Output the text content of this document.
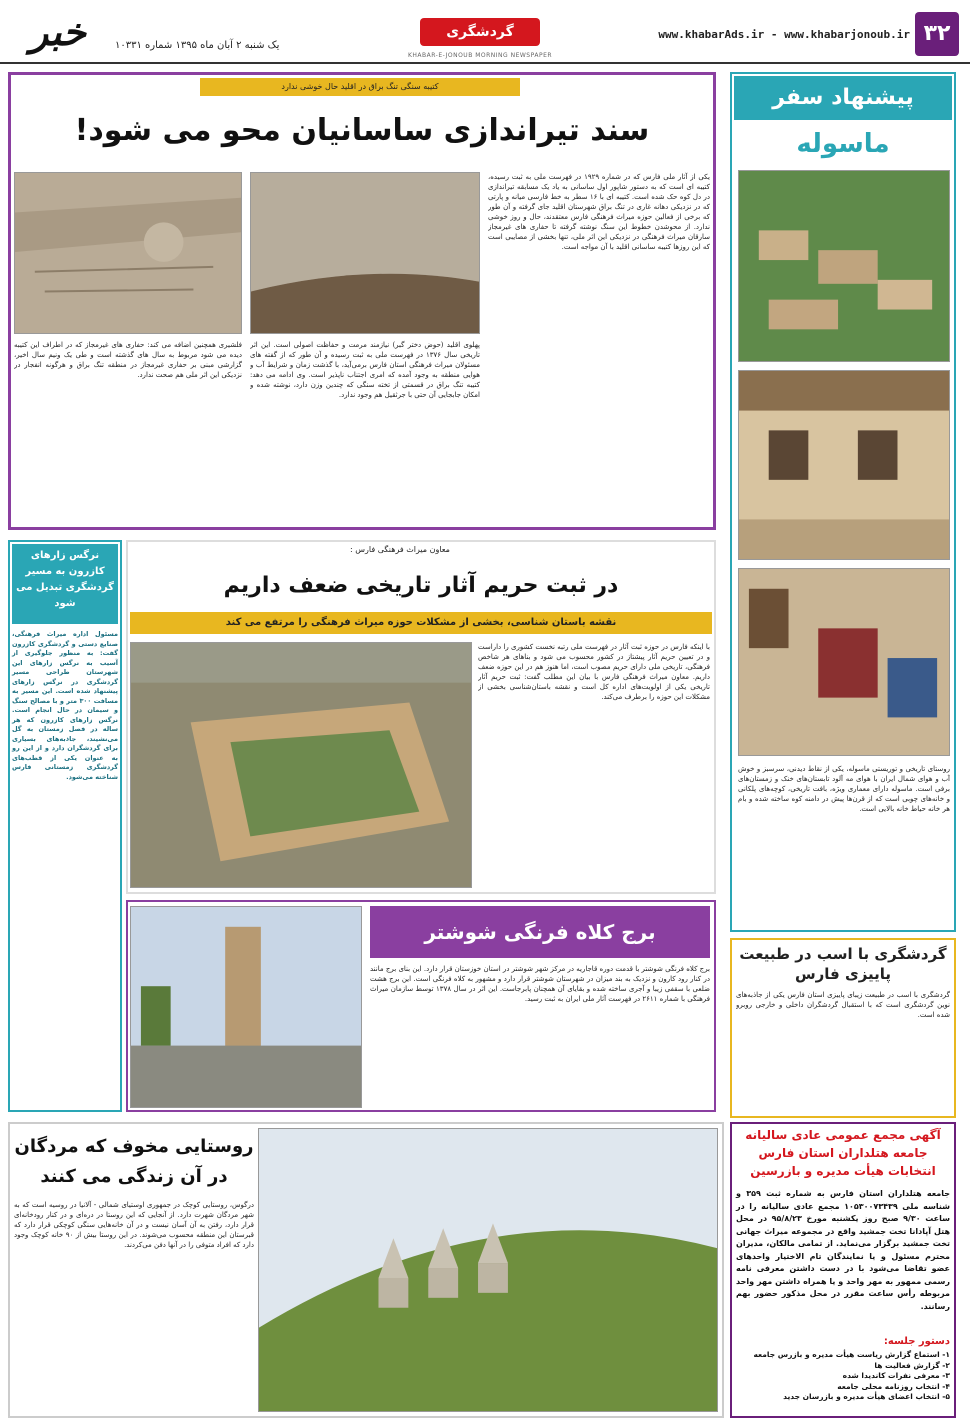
۳۲
www.khabarAds.ir - www.khabarjonoub.ir
گردشگری
KHABAR-E-JONOUB MORNING NEWSPAPER
یک شنبه ۲ آبان ماه ۱۳۹۵ شماره ۱۰۳۳۱
خبر
کتیبه سنگی تنگ براق در اقلید حال خوشی ندارد
سند تیراندازی ساسانیان محو می شود!
یکی از آثار ملی فارس که در شماره ۱۹۲۹ در فهرست ملی به ثبت رسیده، کتیبه ای است که به دستور شاپور اول ساسانی به یاد یک مسابقه تیراندازی در دل کوه حک شده است. کتیبه ای با ۱۶ سطر به خط فارسی میانه و پارتی که در نزدیکی دهانه غاری در تنگ براق شهرستان اقلید جای گرفته و آن طور که برخی از فعالین حوزه میراث فرهنگی فارس معتقدند، حال و روز خوشی ندارد. از محوشدن خطوط این سنگ نوشته گرفته تا حفاری های غیرمجاز سارقان میراث فرهنگی در نزدیکی این اثر ملی، تنها بخشی از مصایبی است که این روزها کتیبه ساسانی اقلید با آن مواجه است.
پهلوی اقلید (حوض دختر گبر) نیازمند مرمت و حفاظت اصولی است. این اثر تاریخی سال ۱۳۷۶ در فهرست ملی به ثبت رسیده و آن طور که از گفته های مسئولان میراث فرهنگی استان فارس برمی‌آید، با گذشت زمان و شرایط آب و هوایی منطقه به وجود آمده که امری اجتناب ناپذیر است. وی ادامه می دهد: کتیبه تنگ براق در قسمتی از تخته سنگی که چندین وزن دارد، نوشته شده و امکان جابجایی آن حتی با جرثقیل هم وجود ندارد.
فلشیری همچنین اضافه می کند: حفاری های غیرمجاز که در اطراف این کتیبه دیده می شود مربوط به سال های گذشته است و طی یک ونیم سال اخیر، گزارشی مبنی بر حفاری غیرمجاز در منطقه تنگ براق و هرگونه انفجار در نزدیکی این اثر ملی هم صحت ندارد.
پیشنهاد سفر
ماسوله
روستای تاریخی و توریستی ماسوله، یکی از نقاط دیدنی، سرسبز و خوش آب و هوای شمال ایران با هوای مه آلود تابستان‌های خنک و زمستان‌های برفی است. ماسوله دارای معماری ویژه، بافت تاریخی، کوچه‌های پلکانی و خانه‌های چوبی است که از قرن‌ها پیش در دامنه کوه ساخته شده و بام هر خانه حیاط خانه بالایی است.
گردشگری با اسب در طبیعت پاییزی فارس
گردشگری با اسب در طبیعت زیبای پاییزی استان فارس یکی از جاذبه‌های نوین گردشگری است که با استقبال گردشگران داخلی و خارجی روبرو شده است.
آگهی مجمع عمومی عادی سالیانه جامعه هتلداران استان فارس انتخابات هیأت مدیره و بازرسین
جامعه هتلداران استان فارس به شماره ثبت ۳۵۹ و شناسه ملی ۱۰۵۳۰۰۷۳۴۳۹ مجمع عادی سالیانه را در ساعت ۹/۳۰ صبح روز یکشنبه مورخ ۹۵/۸/۲۳ در محل هتل آپادانا تخت جمشید واقع در مجموعه میراث جهانی تخت جمشید برگزار می‌نماید. از تمامی مالکان، مدیران محترم مسئول و یا نمایندگان تام الاختیار واحدهای عضو تقاضا می‌شود با در دست داشتن معرفی نامه رسمی ممهور به مهر واحد و یا همراه داشتن مهر واحد مربوطه رأس ساعت مقرر در محل مذکور حضور بهم رسانند.
دستور جلسه:
۱- استماع گزارش ریاست هیأت مدیره و بازرس جامعه
۲- گزارش فعالیت ها
۳- معرفی نفرات کاندیدا شده
۴- انتخاب روزنامه محلی جامعه
۵- انتخاب اعضای هیأت مدیره و بازرسان جدید
نرگس زارهای کازرون به مسیر گردشگری تبدیل می شود
مسئول اداره میراث فرهنگی، صنایع دستی و گردشگری کازرون گفت: به منظور جلوگیری از آسیب به نرگس زارهای این شهرستان طراحی مسیر گردشگری در نرگس زارهای پیشنهاد شده است. این مسیر به مسافت ۳۰۰ متر و با مصالح سنگ و سیمان در حال انجام است. نرگس زارهای کازرون که هر ساله در فصل زمستان به گل می‌نشیند، جاذبه‌های بسیاری برای گردشگران دارد و از این رو به عنوان یکی از قطب‌های گردشگری زمستانی فارس شناخته می‌شود.
معاون میراث فرهنگی فارس :
در ثبت حریم آثار تاریخی ضعف داریم
نقشه باستان شناسی، بخشی از مشکلات حوزه میراث فرهنگی را مرتفع می کند
با اینکه فارس در حوزه ثبت آثار در فهرست ملی رتبه نخست کشوری را داراست و در تعیین حریم آثار پیشتاز در کشور محسوب می شود و بناهای هر شاخص فرهنگی، تاریخی ملی دارای حریم مصوب است، اما هنوز هم در این حوزه ضعف داریم. معاون میراث فرهنگی فارس با بیان این مطلب گفت: ثبت حریم آثار تاریخی یکی از اولویت‌های اداره کل است و نقشه باستان‌شناسی بخشی از مشکلات این حوزه را برطرف می‌کند.
برج کلاه فرنگی شوشتر
برج کلاه فرنگی شوشتر با قدمت دوره قاجاریه در مرکز شهر شوشتر در استان خوزستان قرار دارد. این بنای برج مانند در کنار رود کارون و نزدیک به بند میزان در شهرستان شوشتر قرار دارد و مشهور به کلاه فرنگی است. این برج هشت ضلعی با سقفی زیبا و آجری ساخته شده و بقایای آن همچنان پابرجاست. این اثر در سال ۱۳۷۸ توسط سازمان میراث فرهنگی با شماره ۲۶۱۱ در فهرست آثار ملی ایران به ثبت رسید.
روستایی مخوف که مردگان در آن زندگی می کنند
درگوس، روستایی کوچک در جمهوری اوستیای شمالی - آلانیا در روسیه است که به شهر مردگان شهرت دارد. از آنجایی که این روستا در دره‌ای و در کنار رودخانه‌ای قرار دارد، رفتن به آن آسان نیست و در آن خانه‌هایی سنگی کوچکی قرار دارد که قبرستان این منطقه محسوب می‌شوند. در این روستا بیش از ۹۰ خانه کوچک وجود دارد که افراد متوفی را در آنها دفن می‌کردند.
